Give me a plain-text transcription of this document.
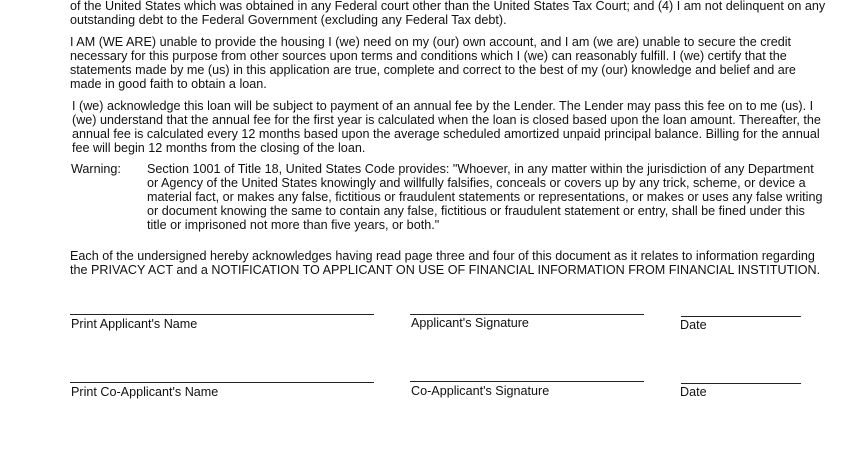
of the United States which was obtained in any Federal court other than the United States Tax Court; and (4) I am not delinquent on any outstanding debt to the Federal Government (excluding any Federal Tax debt).

I AM (WE ARE) unable to provide the housing I (we) need on my (our) own account, and I am (we are) unable to secure the credit necessary for this purpose from other sources upon terms and conditions which I (we) can reasonably fulfill. I (we) certify that the statements made by me (us) in this application are true, complete and correct to the best of my (our) knowledge and belief and are made in good faith to obtain a loan.

I (we) acknowledge this loan will be subject to payment of an annual fee by the Lender. The Lender may pass this fee on to me (us). I (we) understand that the annual fee for the first year is calculated when the loan is closed based upon the loan amount. Thereafter, the annual fee is calculated every 12 months based upon the average scheduled amortized unpaid principal balance. Billing for the annual fee will begin 12 months from the closing of the loan.

Warning: Section 1001 of Title 18, United States Code provides: "Whoever, in any matter within the jurisdiction of any Department or Agency of the United States knowingly and willfully falsifies, conceals or covers up by any trick, scheme, or device a material fact, or makes any false, fictitious or fraudulent statements or representations, or makes or uses any false writing or document knowing the same to contain any false, fictitious or fraudulent statement or entry, shall be fined under this title or imprisoned not more than five years, or both."

Each of the undersigned hereby acknowledges having read page three and four of this document as it relates to information regarding the PRIVACY ACT and a NOTIFICATION TO APPLICANT ON USE OF FINANCIAL INFORMATION FROM FINANCIAL INSTITUTION.

Print Applicant's Name	Applicant's Signature	Date
Print Co-Applicant's Name	Co-Applicant's Signature	Date
